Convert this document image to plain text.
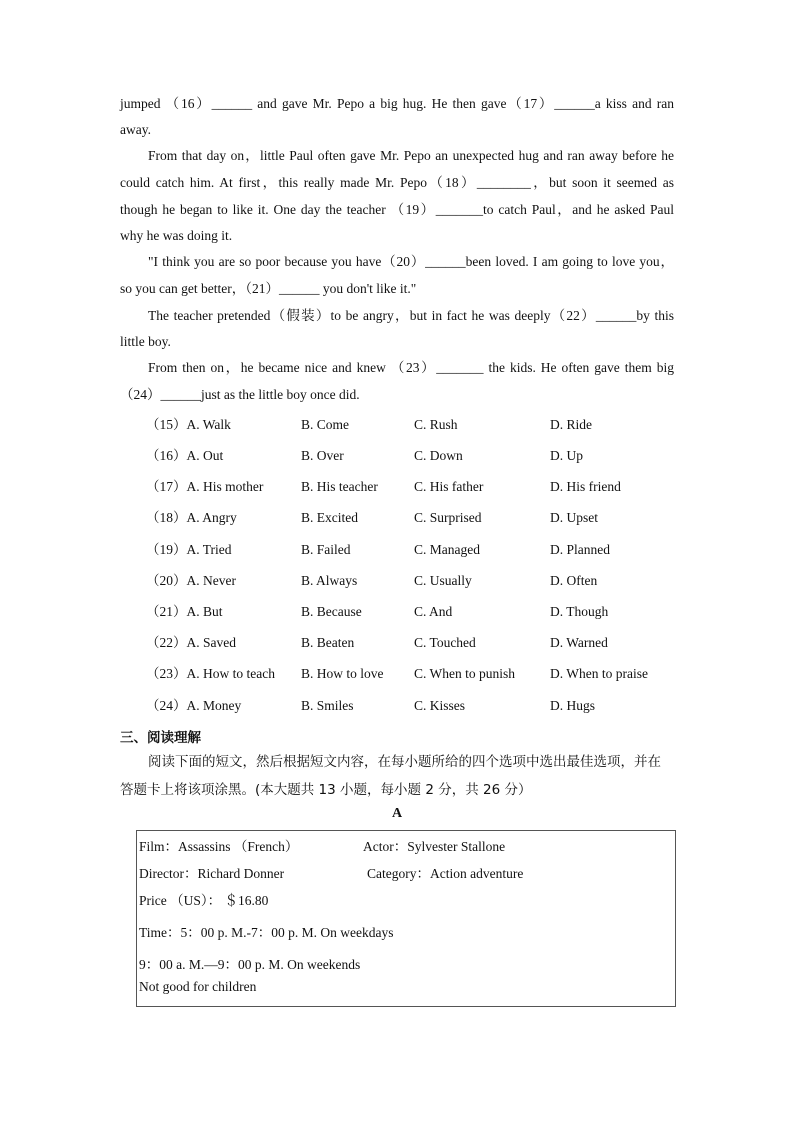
jumped （16）______ and gave Mr. Pepo a big hug. He then gave（17）______a kiss and ran
away.
From that day on，little Paul often gave Mr. Pepo an unexpected hug and ran away before he
could catch him. At first，this really made Mr. Pepo（18）________，but soon it seemed as
though he began to like it. One day the teacher （19）_______to catch Paul，and he asked Paul
why he was doing it.
"I think you are so poor because you have（20）______been loved. I am going to love you，
so you can get better，（21）______ you don't like it."
The teacher pretended（假装）to be angry，but in fact he was deeply（22）______by this
little boy.
From then on，he became nice and knew （23）_______ the kids. He often gave them big
（24）______just as the little boy once did.
（15）A. Walk	B. Come	C. Rush	D. Ride
（16）A. Out	B. Over	C. Down	D. Up
（17）A. His mother	B. His teacher	C. His father	D. His friend
（18）A. Angry	B. Excited	C. Surprised	D. Upset
（19）A. Tried	B. Failed	C. Managed	D. Planned
（20）A. Never	B. Always	C. Usually	D. Often
（21）A. But	B. Because	C. And	D. Though
（22）A. Saved	B. Beaten	C. Touched	D. Warned
（23）A. How to teach B. How to love C. When to punish	D. When to praise
（24）A. Money	B. Smiles	C. Kisses	D. Hugs
三、阅读理解
阅读下面的短文，然后根据短文内容，在每小题所给的四个选项中选出最佳选项，并在
答题卡上将该项涂黑。(本大题共 13 小题，每小题 2 分，共 26 分）
A
Film：Assassins （French）	Actor：Sylvester Stallone
Director：Richard Donner	Category：Action adventure
Price （US）： ＄16.80
Time：5：00 p. M.-7：00 p. M. On weekdays
9：00 a. M.—9：00 p. M. On weekends
Not good for children
